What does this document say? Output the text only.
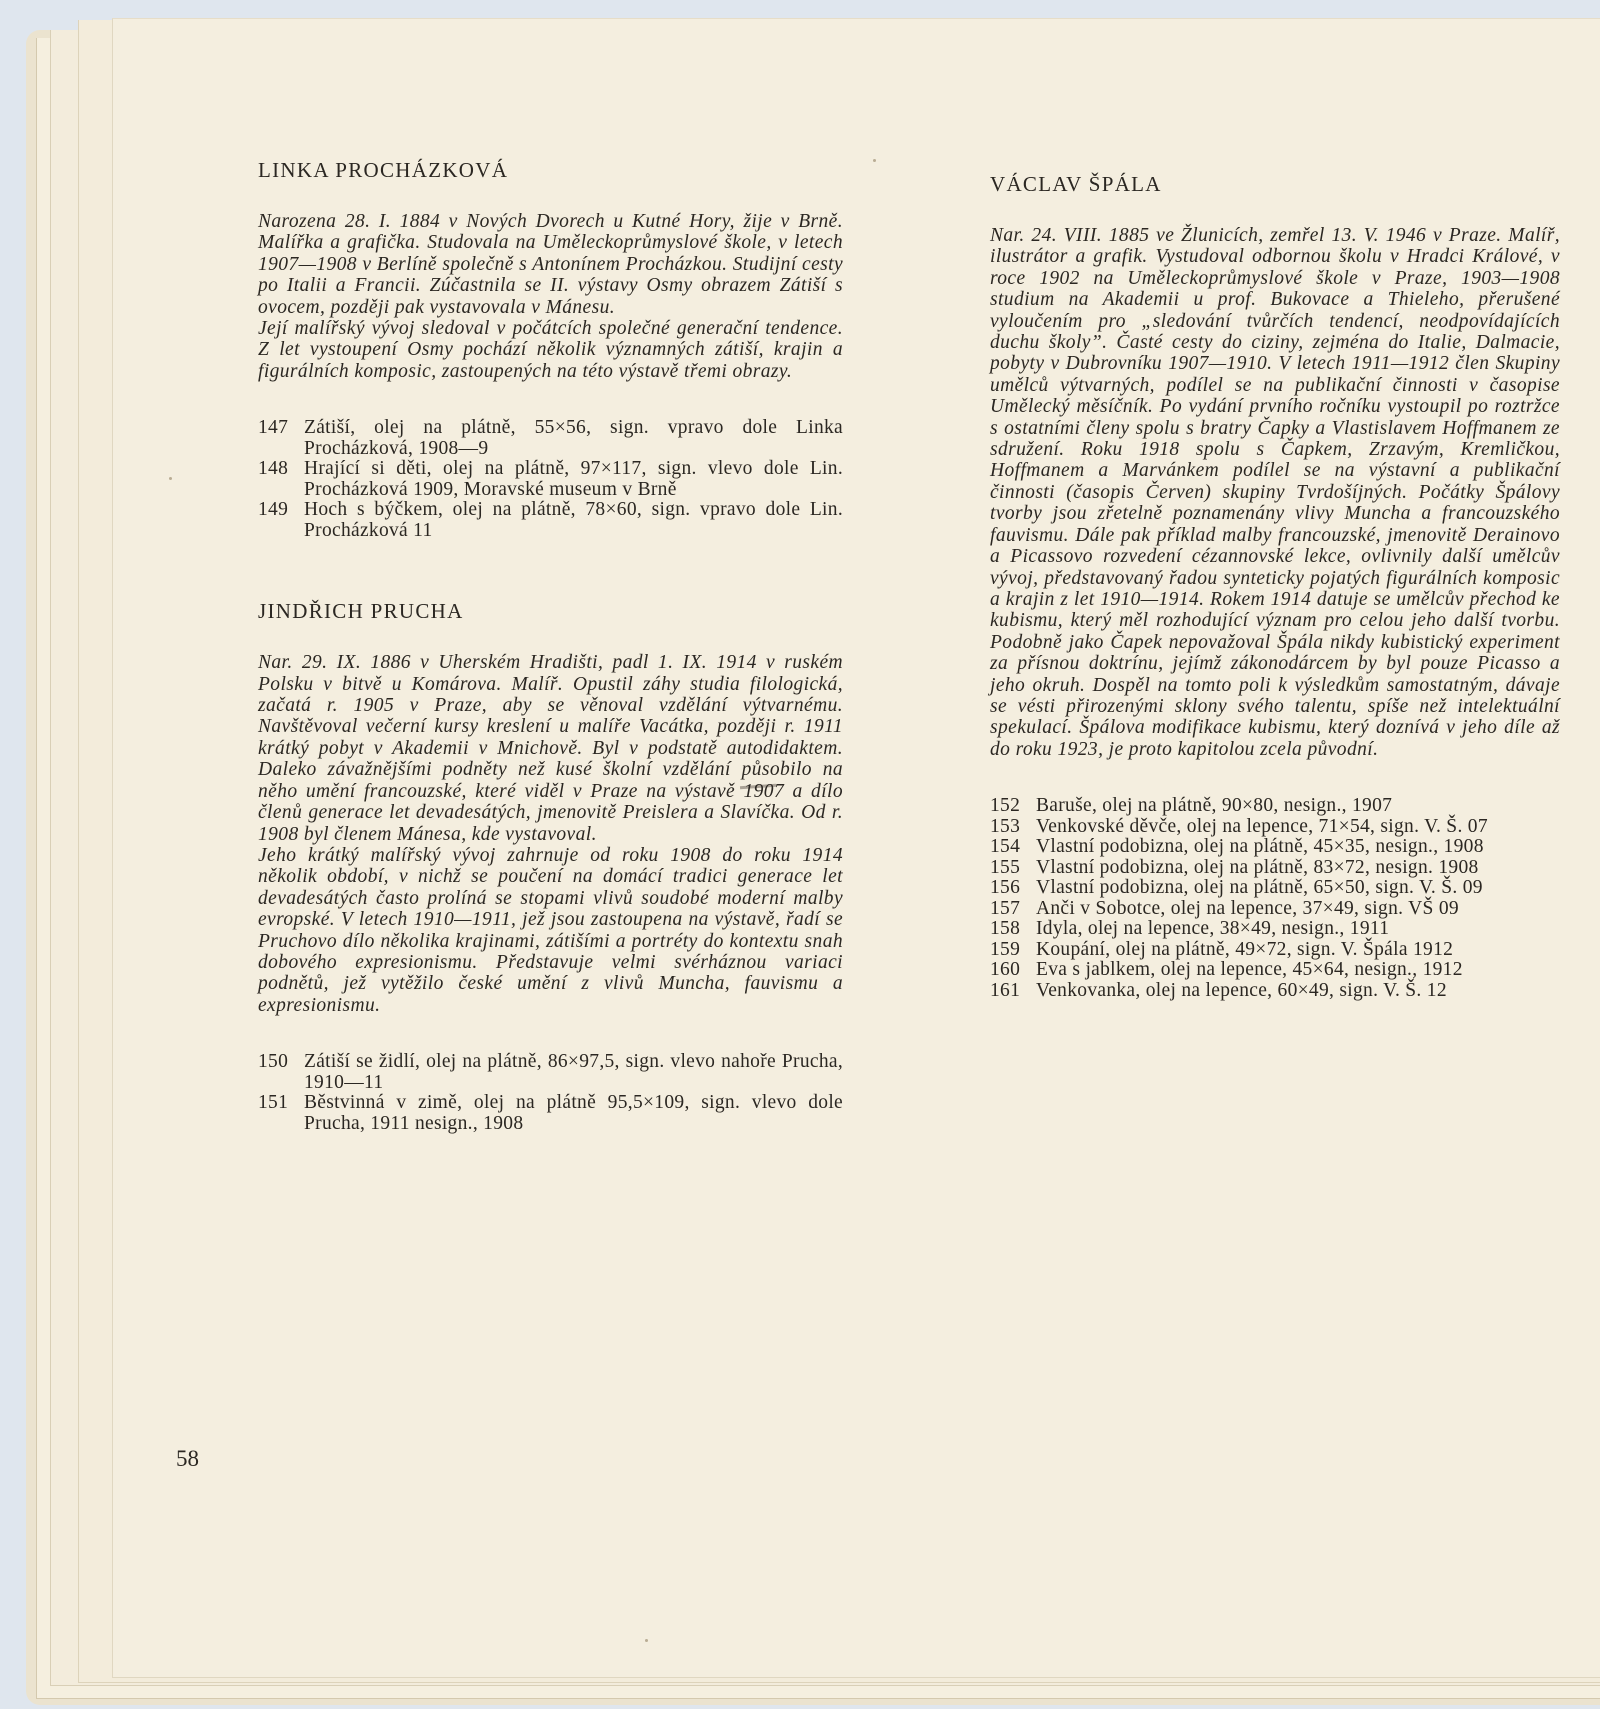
LINKA PROCHÁZKOVÁ

Narozena 28. I. 1884 v Nových Dvorech u Kutné Hory, žije v Brně. Malířka a grafička. Studovala na Uměleckoprůmyslové škole, v letech 1907—1908 v Berlíně společně s Antonínem Procházkou. Studijní cesty po Italii a Francii. Zúčastnila se II. výstavy Osmy obrazem Zátiší s ovocem, později pak vystavovala v Mánesu.

Její malířský vývoj sledoval v počátcích společné generační tendence. Z let vystoupení Osmy pochází několik významných zátiší, krajin a figurálních komposic, zastoupených na této výstavě třemi obrazy.

147 Zátiší, olej na plátně, 55×56, sign. vpravo dole Linka Procházková, 1908—9
148 Hrající si děti, olej na plátně, 97×117, sign. vlevo dole Lin. Procházková 1909, Moravské museum v Brně
149 Hoch s býčkem, olej na plátně, 78×60, sign. vpravo dole Lin. Procházková 11
JINDŘICH PRUCHA

Nar. 29. IX. 1886 v Uherském Hradišti, padl 1. IX. 1914 v ruském Polsku v bitvě u Komárova. Malíř. Opustil záhy studia filologická, začatá r. 1905 v Praze, aby se věnoval vzdělání výtvarnému. Navštěvoval večerní kursy kreslení u malíře Vacátka, později r. 1911 krátký pobyt v Akademii v Mnichově. Byl v podstatě autodidaktem. Daleko závažnějšími podněty než kusé školní vzdělání působilo na něho umění francouzské, které viděl v Praze na výstavě 1907 a dílo členů generace let devadesátých, jmenovitě Preislera a Slavíčka. Od r. 1908 byl členem Mánesa, kde vystavoval.

Jeho krátký malířský vývoj zahrnuje od roku 1908 do roku 1914 několik období, v nichž se poučení na domácí tradici generace let devadesátých často prolíná se stopami vlivů soudobé moderní malby evropské. V letech 1910—1911, jež jsou zastoupena na výstavě, řadí se Pruchovo dílo několika krajinami, zátišími a portréty do kontextu snah dobového expresionismu. Představuje velmi svérháznou variaci podnětů, jež vytěžilo české umění z vlivů Muncha, fauvismu a expresionismu.

150 Zátiší se židlí, olej na plátně, 86×97,5, sign. vlevo nahoře Prucha, 1910—11
151 Běstvinná v zimě, olej na plátně 95,5×109, sign. vlevo dole Prucha, 1911 nesign., 1908
58
VÁCLAV ŠPÁLA

Nar. 24. VIII. 1885 ve Žlunicích, zemřel 13. V. 1946 v Praze. Malíř, ilustrátor a grafik. Vystudoval odbornou školu v Hradci Králové, v roce 1902 na Uměleckoprůmyslové škole v Praze, 1903—1908 studium na Akademii u prof. Bukovace a Thieleho, přerušené vyloučením pro „sledování tvůrčích tendencí, neodpovídajících duchu školy”. Časté cesty do ciziny, zejména do Italie, Dalmacie, pobyty v Dubrovníku 1907—1910. V letech 1911—1912 člen Skupiny umělců výtvarných, podílel se na publikační činnosti v časopise Umělecký měsíčník. Po vydání prvního ročníku vystoupil po roztržce s ostatními členy spolu s bratry Čapky a Vlastislavem Hoffmanem ze sdružení. Roku 1918 spolu s Čapkem, Zrzavým, Kremličkou, Hoffmanem a Marvánkem podílel se na výstavní a publikační činnosti (časopis Červen) skupiny Tvrdošíjných. Počátky Špálovy tvorby jsou zřetelně poznamenány vlivy Muncha a francouzského fauvismu. Dále pak příklad malby francouzské, jmenovitě Derainovo a Picassovo rozvedení cézannovské lekce, ovlivnily další umělcův vývoj, představovaný řadou synteticky pojatých figurálních komposic a krajin z let 1910—1914. Rokem 1914 datuje se umělcův přechod ke kubismu, který měl rozhodující význam pro celou jeho další tvorbu. Podobně jako Čapek nepovažoval Špála nikdy kubistický experiment za přísnou doktrínu, jejímž zákonodárcem by byl pouze Picasso a jeho okruh. Dospěl na tomto poli k výsledkům samostatným, dávaje se vésti přirozenými sklony svého talentu, spíše než intelektuální spekulací. Špálova modifikace kubismu, který doznívá v jeho díle až do roku 1923, je proto kapitolou zcela původní.

152 Baruše, olej na plátně, 90×80, nesign., 1907
153 Venkovské děvče, olej na lepence, 71×54, sign. V. Š. 07
154 Vlastní podobizna, olej na plátně, 45×35, nesign., 1908
155 Vlastní podobizna, olej na plátně, 83×72, nesign. 1908
156 Vlastní podobizna, olej na plátně, 65×50, sign. V. Š. 09
157 Anči v Sobotce, olej na lepence, 37×49, sign. VŠ 09
158 Idyla, olej na lepence, 38×49, nesign., 1911
159 Koupání, olej na plátně, 49×72, sign. V. Špála 1912
160 Eva s jablkem, olej na lepence, 45×64, nesign., 1912
161 Venkovanka, olej na lepence, 60×49, sign. V. Š. 12
